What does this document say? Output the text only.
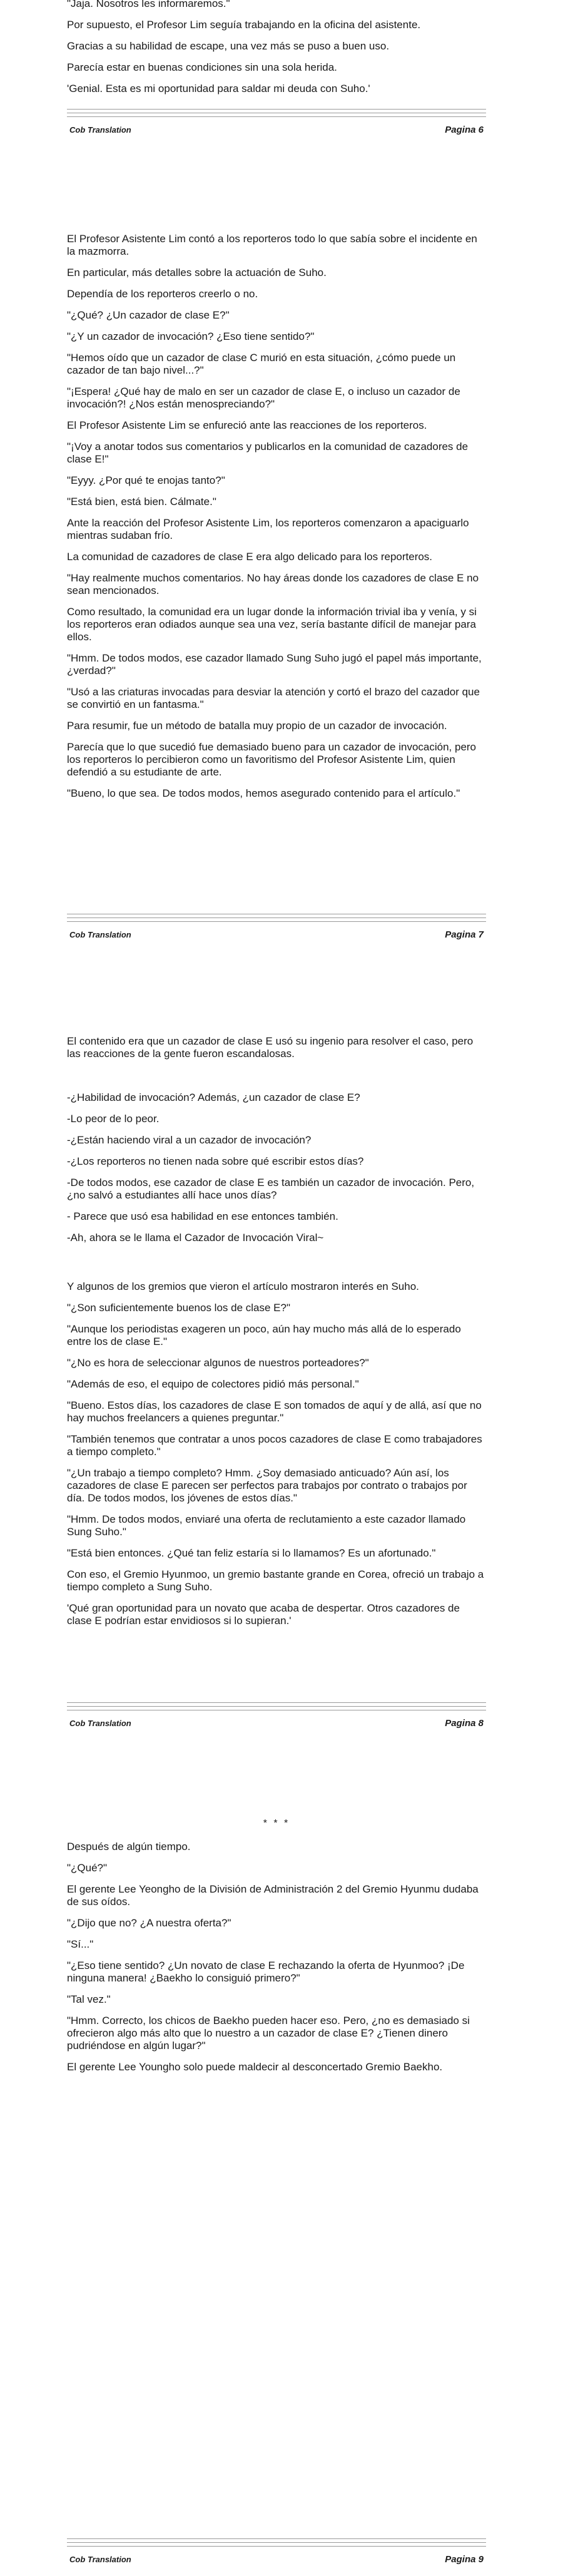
"Jaja. Nosotros les informaremos."

Por supuesto, el Profesor Lim seguía trabajando en la oficina del asistente.

Gracias a su habilidad de escape, una vez más se puso a buen uso.

Parecía estar en buenas condiciones sin una sola herida.

'Genial. Esta es mi oportunidad para saldar mi deuda con Suho.'

Cob Translation	Pagina 6

El Profesor Asistente Lim contó a los reporteros todo lo que sabía sobre el incidente en la mazmorra.

En particular, más detalles sobre la actuación de Suho.

Dependía de los reporteros creerlo o no.

"¿Qué? ¿Un cazador de clase E?"

"¿Y un cazador de invocación? ¿Eso tiene sentido?"

"Hemos oído que un cazador de clase C murió en esta situación, ¿cómo puede un cazador de tan bajo nivel...?"

"¡Espera! ¿Qué hay de malo en ser un cazador de clase E, o incluso un cazador de invocación?! ¿Nos están menospreciando?"

El Profesor Asistente Lim se enfureció ante las reacciones de los reporteros.

"¡Voy a anotar todos sus comentarios y publicarlos en la comunidad de cazadores de clase E!"

"Eyyy. ¿Por qué te enojas tanto?"

"Está bien, está bien. Cálmate."

Ante la reacción del Profesor Asistente Lim, los reporteros comenzaron a apaciguarlo mientras sudaban frío.

La comunidad de cazadores de clase E era algo delicado para los reporteros.

"Hay realmente muchos comentarios. No hay áreas donde los cazadores de clase E no sean mencionados.

Como resultado, la comunidad era un lugar donde la información trivial iba y venía, y si los reporteros eran odiados aunque sea una vez, sería bastante difícil de manejar para ellos.

"Hmm. De todos modos, ese cazador llamado Sung Suho jugó el papel más importante, ¿verdad?"

"Usó a las criaturas invocadas para desviar la atención y cortó el brazo del cazador que se convirtió en un fantasma."

Para resumir, fue un método de batalla muy propio de un cazador de invocación.

Parecía que lo que sucedió fue demasiado bueno para un cazador de invocación, pero los reporteros lo percibieron como un favoritismo del Profesor Asistente Lim, quien defendió a su estudiante de arte.

"Bueno, lo que sea. De todos modos, hemos asegurado contenido para el artículo."

Cob Translation	Pagina 7

El contenido era que un cazador de clase E usó su ingenio para resolver el caso, pero las reacciones de la gente fueron escandalosas.

-¿Habilidad de invocación? Además, ¿un cazador de clase E?

-Lo peor de lo peor.

-¿Están haciendo viral a un cazador de invocación?

-¿Los reporteros no tienen nada sobre qué escribir estos días?

-De todos modos, ese cazador de clase E es también un cazador de invocación. Pero, ¿no salvó a estudiantes allí hace unos días?

- Parece que usó esa habilidad en ese entonces también.

-Ah, ahora se le llama el Cazador de Invocación Viral~

Y algunos de los gremios que vieron el artículo mostraron interés en Suho.

"¿Son suficientemente buenos los de clase E?"

"Aunque los periodistas exageren un poco, aún hay mucho más allá de lo esperado entre los de clase E."

"¿No es hora de seleccionar algunos de nuestros porteadores?"

"Además de eso, el equipo de colectores pidió más personal."

"Bueno. Estos días, los cazadores de clase E son tomados de aquí y de allá, así que no hay muchos freelancers a quienes preguntar."

"También tenemos que contratar a unos pocos cazadores de clase E como trabajadores a tiempo completo."

"¿Un trabajo a tiempo completo? Hmm. ¿Soy demasiado anticuado? Aún así, los cazadores de clase E parecen ser perfectos para trabajos por contrato o trabajos por día. De todos modos, los jóvenes de estos días."

"Hmm. De todos modos, enviaré una oferta de reclutamiento a este cazador llamado Sung Suho."

"Está bien entonces. ¿Qué tan feliz estaría si lo llamamos? Es un afortunado."

Con eso, el Gremio Hyunmoo, un gremio bastante grande en Corea, ofreció un trabajo a tiempo completo a Sung Suho.

'Qué gran oportunidad para un novato que acaba de despertar. Otros cazadores de clase E podrían estar envidiosos si lo supieran.'

Cob Translation	Pagina 8

* * *

Después de algún tiempo.

"¿Qué?"

El gerente Lee Yeongho de la División de Administración 2 del Gremio Hyunmu dudaba de sus oídos.

"¿Dijo que no? ¿A nuestra oferta?"

"Sí..."

"¿Eso tiene sentido? ¿Un novato de clase E rechazando la oferta de Hyunmoo? ¡De ninguna manera! ¿Baekho lo consiguió primero?"

"Tal vez."

"Hmm. Correcto, los chicos de Baekho pueden hacer eso. Pero, ¿no es demasiado si ofrecieron algo más alto que lo nuestro a un cazador de clase E? ¿Tienen dinero pudriéndose en algún lugar?"

El gerente Lee Youngho solo puede maldecir al desconcertado Gremio Baekho.

Cob Translation	Pagina 9
